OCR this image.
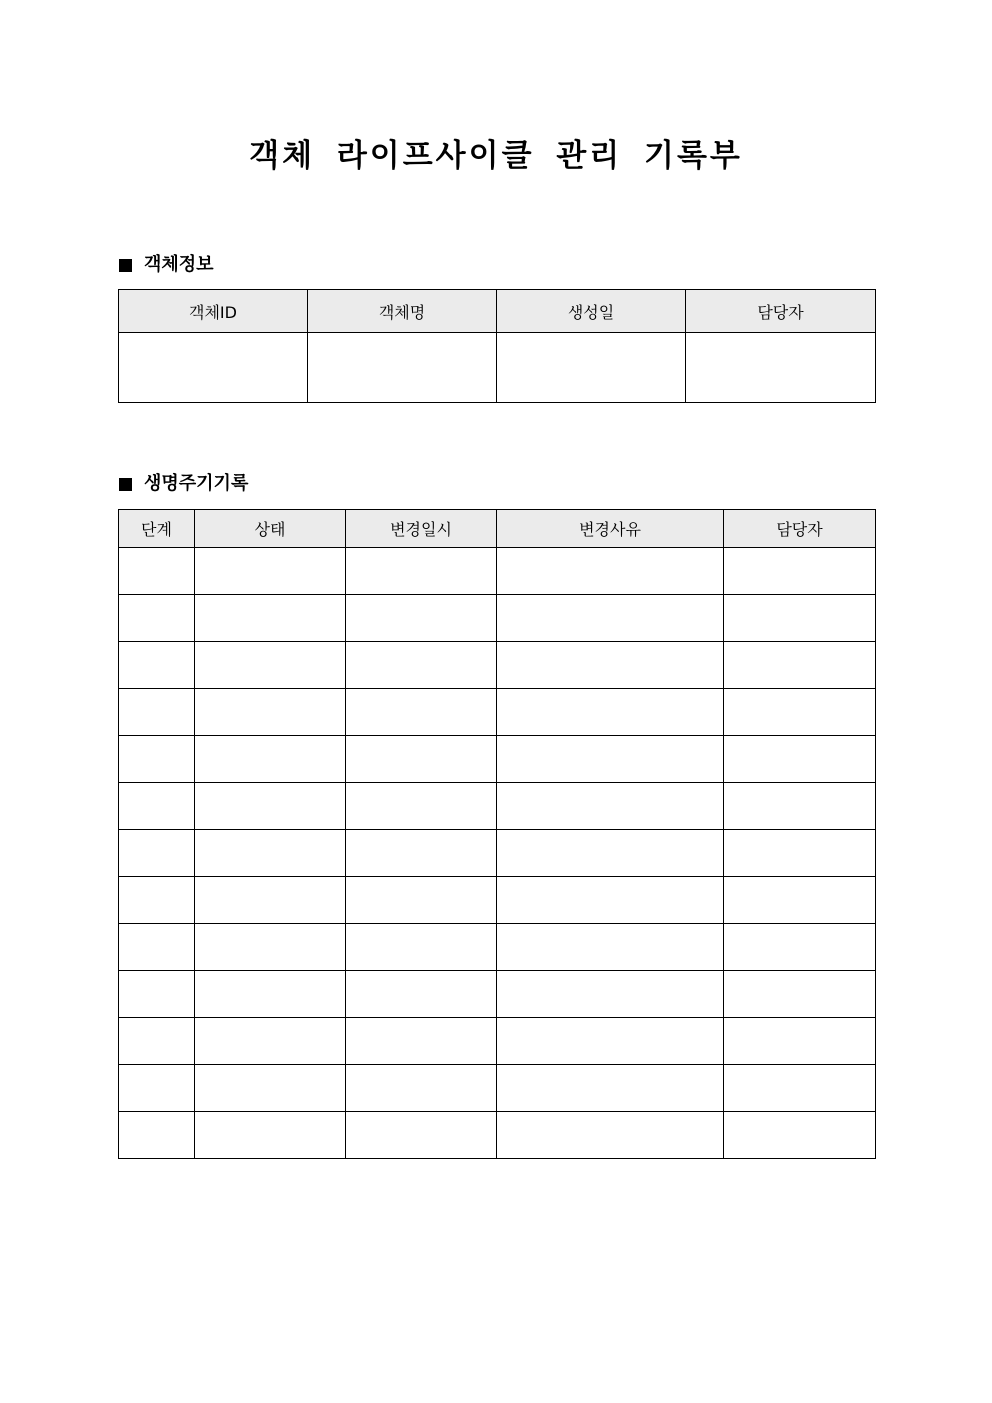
객체 라이프사이클 관리 기록부
객체정보
객체ID	객체명	생성일	담당자

생명주기기록
단계	상태	변경일시	변경사유	담당자
